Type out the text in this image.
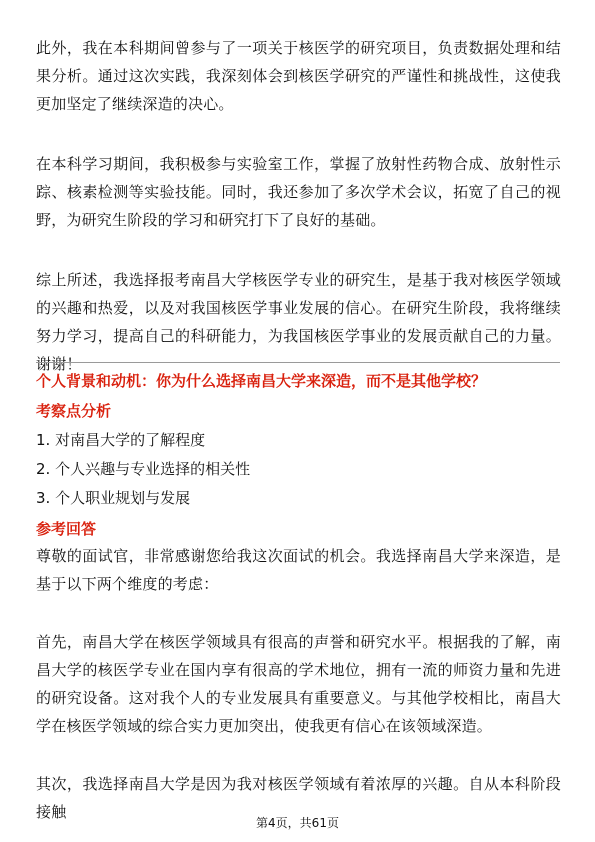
此外，我在本科期间曾参与了一项关于核医学的研究项目，负责数据处理和结果分析。通过这次实践，我深刻体会到核医学研究的严谨性和挑战性，这使我更加坚定了继续深造的决心。

在本科学习期间，我积极参与实验室工作，掌握了放射性药物合成、放射性示踪、核素检测等实验技能。同时，我还参加了多次学术会议，拓宽了自己的视野，为研究生阶段的学习和研究打下了良好的基础。

综上所述，我选择报考南昌大学核医学专业的研究生，是基于我对核医学领域的兴趣和热爱，以及对我国核医学事业发展的信心。在研究生阶段，我将继续努力学习，提高自己的科研能力，为我国核医学事业的发展贡献自己的力量。谢谢！

个人背景和动机：你为什么选择南昌大学来深造，而不是其他学校？

考察点分析

1. 对南昌大学的了解程度
2. 个人兴趣与专业选择的相关性
3. 个人职业规划与发展

参考回答

尊敬的面试官，非常感谢您给我这次面试的机会。我选择南昌大学来深造，是基于以下两个维度的考虑：

首先，南昌大学在核医学领域具有很高的声誉和研究水平。根据我的了解，南昌大学的核医学专业在国内享有很高的学术地位，拥有一流的师资力量和先进的研究设备。这对我个人的专业发展具有重要意义。与其他学校相比，南昌大学在核医学领域的综合实力更加突出，使我更有信心在该领域深造。

其次，我选择南昌大学是因为我对核医学领域有着浓厚的兴趣。自从本科阶段接触

第4页，共61页
